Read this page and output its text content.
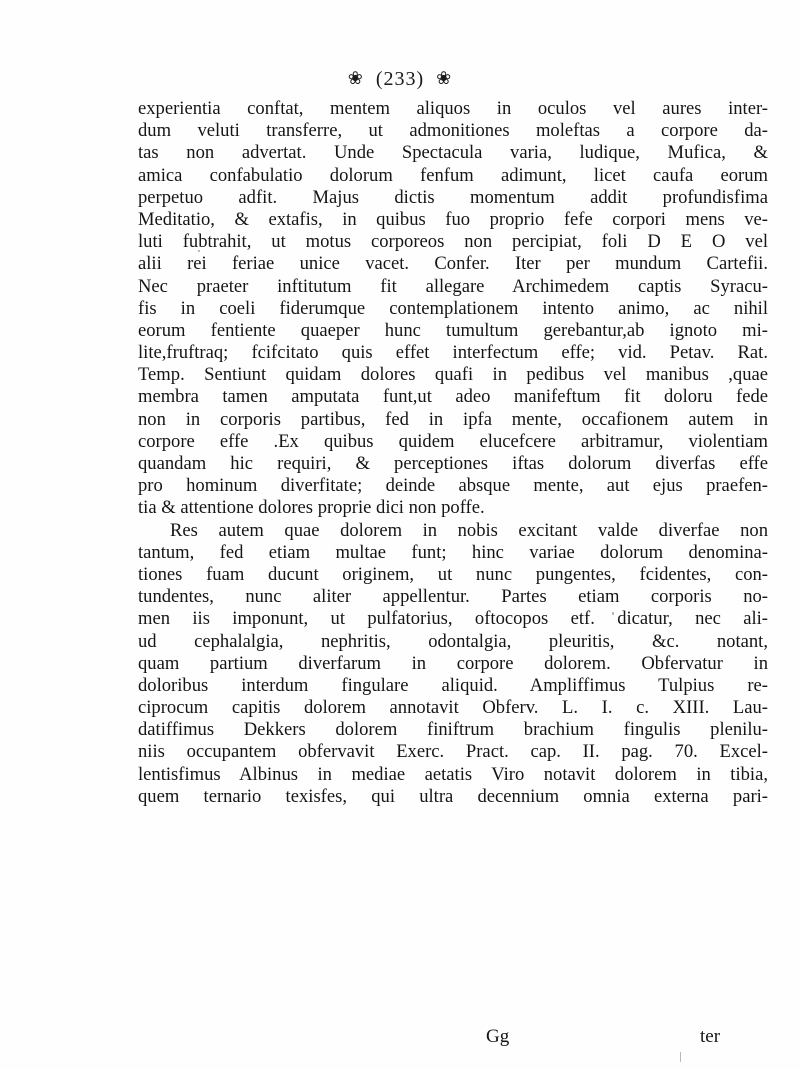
❀ (233) ❀
experientia conftat, mentem aliquos in oculos vel aures inter-
dum veluti transferre, ut admonitiones moleftas a corpore da-
tas non advertat. Unde Spectacula varia, ludique, Mufica, &
amica confabulatio dolorum fenfum adimunt, licet caufa eorum
perpetuo adfit. Majus dictis momentum addit profundisfima
Meditatio, & extafis, in quibus fuo proprio fefe corpori mens ve-
luti fubtrahit, ut motus corporeos non percipiat, foli D E O vel
alii rei feriae unice vacet. Confer. Iter per mundum Cartefii.
Nec praeter inftitutum fit allegare Archimedem captis Syracu-
fis in coeli fiderumque contemplationem intento animo, ac nihil
eorum fentiente quaeper hunc tumultum gerebantur,ab ignoto mi-
lite,fruftraq; fcifcitato quis effet interfectum effe; vid. Petav. Rat.
Temp. Sentiunt quidam dolores quafi in pedibus vel manibus ,quae
membra tamen amputata funt,ut adeo manifeftum fit doloru fede
non in corporis partibus, fed in ipfa mente, occafionem autem in
corpore effe .Ex quibus quidem elucefcere arbitramur, violentiam
quandam hic requiri, & perceptiones iftas dolorum diverfas effe
pro hominum diverfitate; deinde absque mente, aut ejus praefen-
tia & attentione dolores proprie dici non poffe.
Res autem quae dolorem in nobis excitant valde diverfae non
tantum, fed etiam multae funt; hinc variae dolorum denomina-
tiones fuam ducunt originem, ut nunc pungentes, fcidentes, con-
tundentes, nunc aliter appellentur. Partes etiam corporis no-
men iis imponunt, ut pulfatorius, oftocopos etf. dicatur, nec ali-
ud cephalalgia, nephritis, odontalgia, pleuritis, &c. notant,
quam partium diverfarum in corpore dolorem. Obfervatur in
doloribus interdum fingulare aliquid. Ampliffimus Tulpius re-
ciprocum capitis dolorem annotavit Obferv. L. I. c. XIII. Lau-
datiffimus Dekkers dolorem finiftrum brachium fingulis plenilu-
niis occupantem obfervavit Exerc. Pract. cap. II. pag. 70. Excel-
lentisfimus Albinus in mediae aetatis Viro notavit dolorem in tibia,
quem ternario texisfes, qui ultra decennium omnia externa pari-
Gg	ter
